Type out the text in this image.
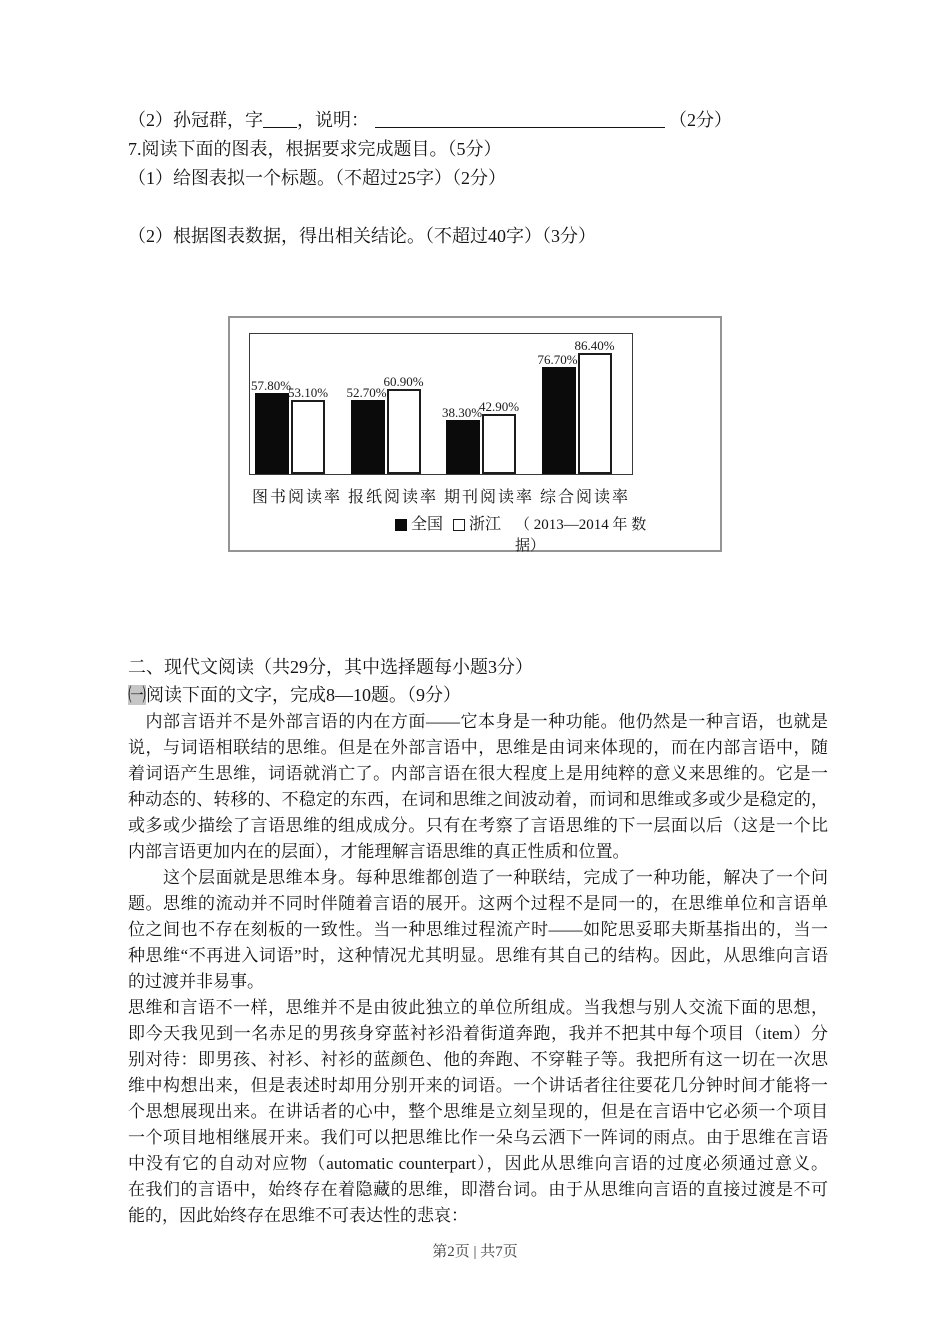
（2）孙冠群，字 ，说明：	（2分）
7.阅读下面的图表，根据要求完成题目。（5分）
（1）给图表拟一个标题。（不超过25字）（2分）
（2）根据图表数据，得出相关结论。（不超过40字）（3分）
57.80%
53.10% 52.70%
60.90%
38.30%
42.90%
76.70%
86.40%
图书阅读率 报纸阅读率 期刊阅读率 综合阅读率
全国 浙江 （ 2013—2014 年 数据）
二、现代文阅读（共29分，其中选择题每小题3分）
㈠阅读下面的文字，完成8—10题。（9分）
　内部言语并不是外部言语的内在方面——它本身是一种功能。他仍然是一种言语，也就是
说，与词语相联结的思维。但是在外部言语中，思维是由词来体现的，而在内部言语中，随
着词语产生思维，词语就消亡了。内部言语在很大程度上是用纯粹的意义来思维的。它是一
种动态的、转移的、不稳定的东西，在词和思维之间波动着，而词和思维或多或少是稳定的，
或多或少描绘了言语思维的组成成分。只有在考察了言语思维的下一层面以后（这是一个比
内部言语更加内在的层面），才能理解言语思维的真正性质和位置。
　　这个层面就是思维本身。每种思维都创造了一种联结，完成了一种功能，解决了一个问
题。思维的流动并不同时伴随着言语的展开。这两个过程不是同一的，在思维单位和言语单
位之间也不存在刻板的一致性。当一种思维过程流产时——如陀思妥耶夫斯基指出的，当一
种思维“不再进入词语”时，这种情况尤其明显。思维有其自己的结构。因此，从思维向言语
的过渡并非易事。
思维和言语不一样，思维并不是由彼此独立的单位所组成。当我想与别人交流下面的思想，
即今天我见到一名赤足的男孩身穿蓝衬衫沿着街道奔跑，我并不把其中每个项目（item）分
别对待：即男孩、衬衫、衬衫的蓝颜色、他的奔跑、不穿鞋子等。我把所有这一切在一次思
维中构想出来，但是表述时却用分别开来的词语。一个讲话者往往要花几分钟时间才能将一
个思想展现出来。在讲话者的心中，整个思维是立刻呈现的，但是在言语中它必须一个项目
一个项目地相继展开来。我们可以把思维比作一朵乌云洒下一阵词的雨点。由于思维在言语
中没有它的自动对应物（automatic counterpart），因此从思维向言语的过度必须通过意义。
在我们的言语中，始终存在着隐藏的思维，即潜台词。由于从思维向言语的直接过渡是不可
能的，因此始终存在思维不可表达性的悲哀：
第2页 | 共7页
